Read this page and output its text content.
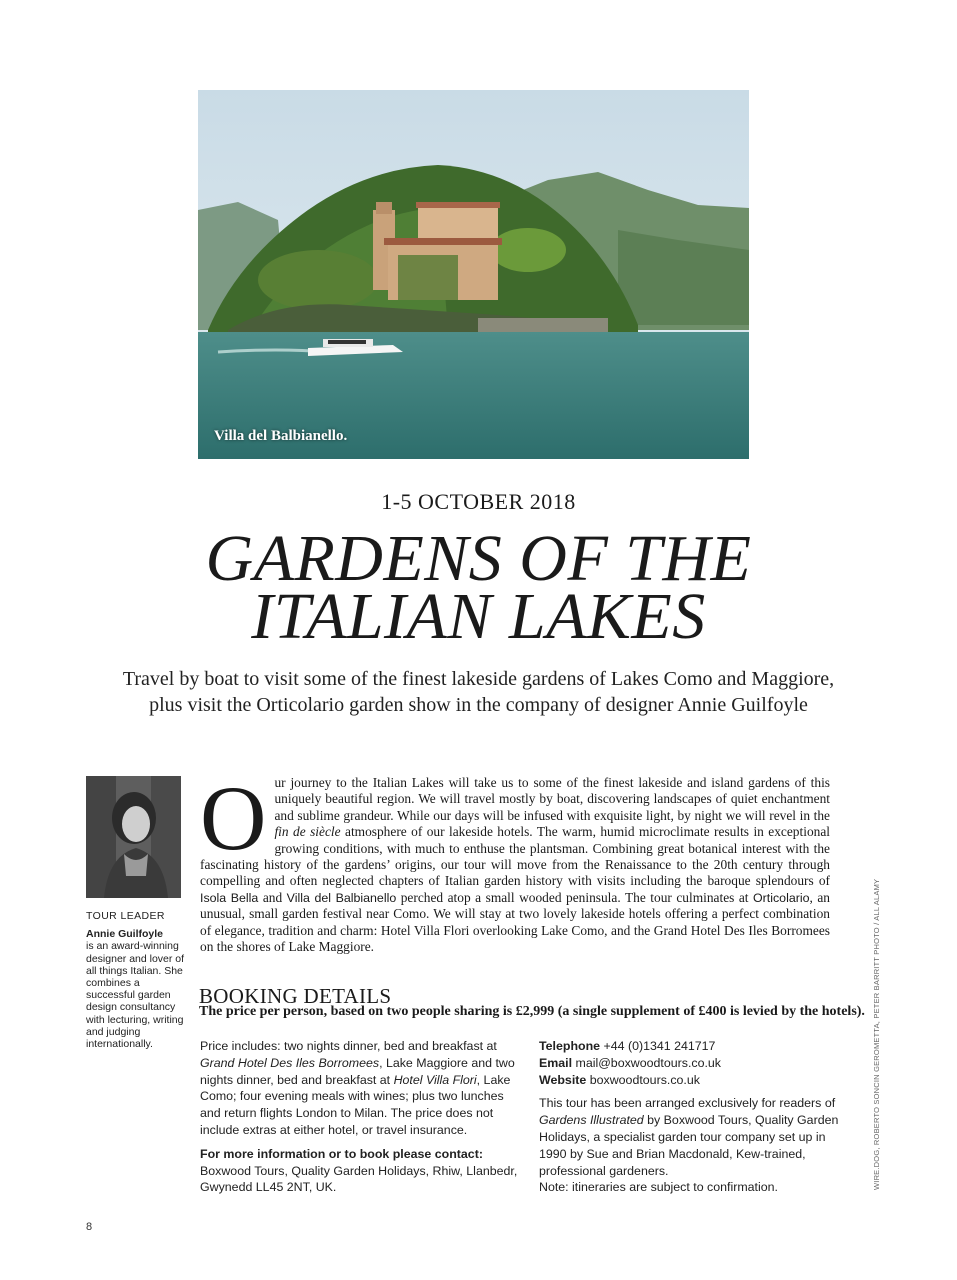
Villa del Balbianello.
1-5 OCTOBER 2018
GARDENS OF THE
ITALIAN LAKES
Travel by boat to visit some of the finest lakeside gardens of Lakes Como and Maggiore,
plus visit the Orticolario garden show in the company of designer Annie Guilfoyle
TOUR LEADER
Annie Guilfoyle
is an award-winning designer and lover of all things Italian. She combines a successful garden design consultancy with lecturing, writing and judging internationally.
Our journey to the Italian Lakes will take us to some of the finest lakeside and island gardens of this uniquely beautiful region. We will travel mostly by boat, discovering landscapes of quiet enchantment and sublime grandeur. While our days will be infused with exquisite light, by night we will revel in the fin de siècle atmosphere of our lakeside hotels. The warm, humid microclimate results in exceptional growing conditions, with much to enthuse the plantsman. Combining great botanical interest with the fascinating history of the gardens’ origins, our tour will move from the Renaissance to the 20th century through compelling and often neglected chapters of Italian garden history with visits including the baroque splendours of Isola Bella and Villa del Balbianello perched atop a small wooded peninsula. The tour culminates at Orticolario, an unusual, small garden festival near Como. We will stay at two lovely lakeside hotels offering a perfect combination of elegance, tradition and charm: Hotel Villa Flori overlooking Lake Como, and the Grand Hotel Des Iles Borromees on the shores of Lake Maggiore.
BOOKING DETAILS
The price per person, based on two people sharing is £2,999 (a single supplement of £400 is levied by the hotels).

Price includes: two nights dinner, bed and breakfast at Grand Hotel Des Iles Borromees, Lake Maggiore and two nights dinner, bed and breakfast at Hotel Villa Flori, Lake Como; four evening meals with wines; plus two lunches and return flights London to Milan. The price does not include extras at either hotel, or travel insurance.

For more information or to book please contact:
Boxwood Tours, Quality Garden Holidays, Rhiw, Llanbedr, Gwynedd LL45 2NT, UK.

Telephone +44 (0)1341 241717
Email mail@boxwoodtours.co.uk
Website boxwoodtours.co.uk

This tour has been arranged exclusively for readers of Gardens Illustrated by Boxwood Tours, Quality Garden Holidays, a specialist garden tour company set up in 1990 by Sue and Brian Macdonald, Kew-trained, professional gardeners.
Note: itineraries are subject to confirmation.	WIRE.DOG, ROBERTO SONCIN GEROMETTA, PETER BARRITT PHOTO / ALL ALAMY
8
